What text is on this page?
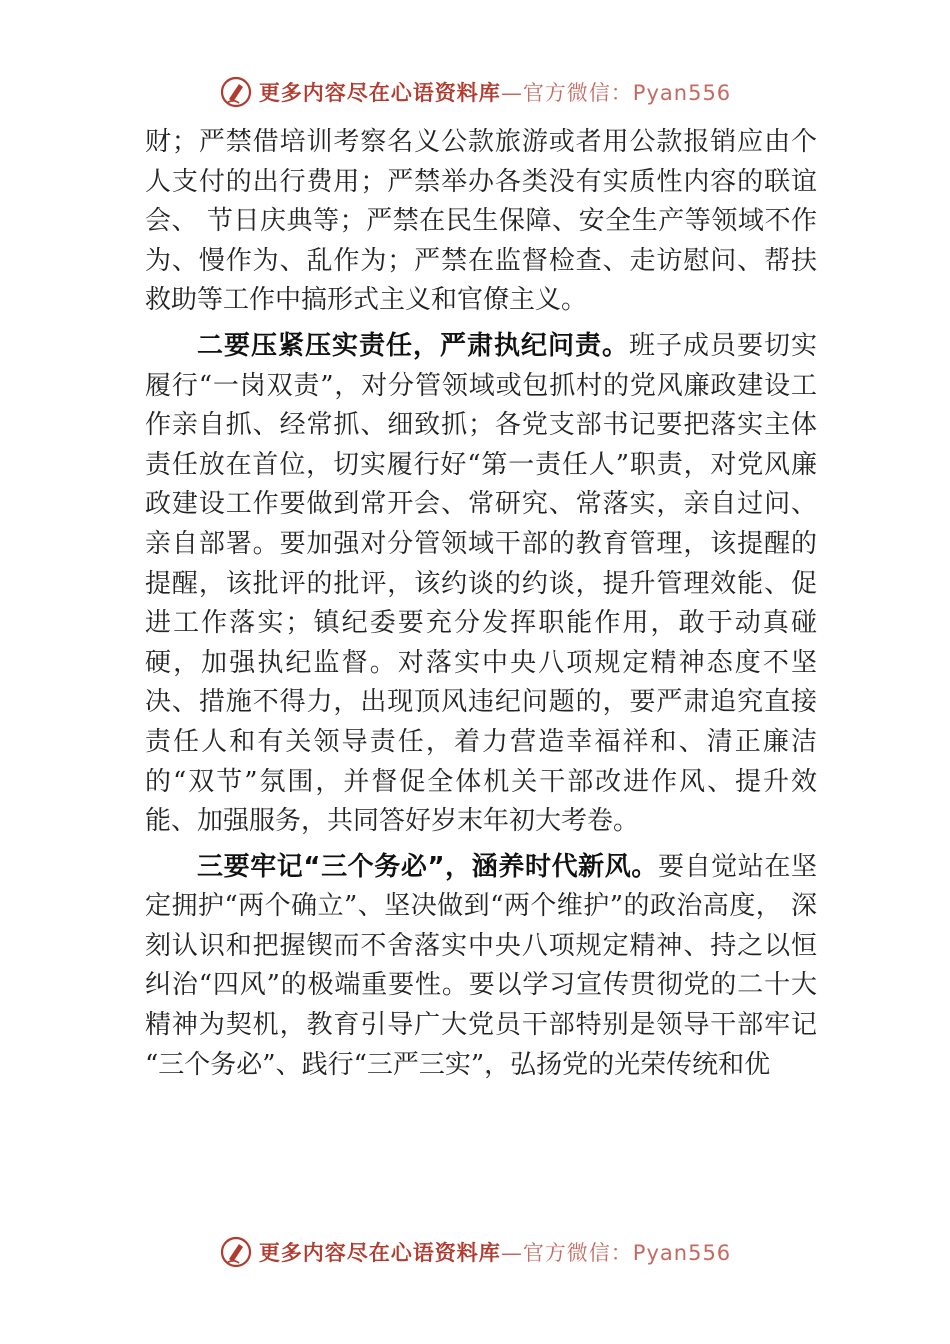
更多内容尽在心语资料库 —官方微信：Pyan556

财；严禁借培训考察名义公款旅游或者用公款报销应由个人支付的出行费用；严禁举办各类没有实质性内容的联谊会、 节日庆典等；严禁在民生保障、安全生产等领域不作为、慢作为、乱作为；严禁在监督检查、走访慰问、帮扶救助等工作中搞形式主义和官僚主义。

二要压紧压实责任，严肃执纪问责。班子成员要切实履行“一岗双责”，对分管领域或包抓村的党风廉政建设工作亲自抓、经常抓、细致抓；各党支部书记要把落实主体责任放在首位，切实履行好“第一责任人”职责，对党风廉政建设工作要做到常开会、常研究、常落实，亲自过问、亲自部署。要加强对分管领域干部的教育管理，该提醒的提醒，该批评的批评，该约谈的约谈，提升管理效能、促进工作落实；镇纪委要充分发挥职能作用，敢于动真碰硬，加强执纪监督。对落实中央八项规定精神态度不坚决、措施不得力，出现顶风违纪问题的，要严肃追究直接责任人和有关领导责任，着力营造幸福祥和、清正廉洁的“双节”氛围，并督促全体机关干部改进作风、提升效能、加强服务，共同答好岁末年初大考卷。

三要牢记“三个务必”，涵养时代新风。要自觉站在坚定拥护“两个确立”、坚决做到“两个维护”的政治高度， 深刻认识和把握锲而不舍落实中央八项规定精神、持之以恒纠治“四风”的极端重要性。要以学习宣传贯彻党的二十大精神为契机，教育引导广大党员干部特别是领导干部牢记 “三个务必”、践行“三严三实”，弘扬党的光荣传统和优

更多内容尽在心语资料库 —官方微信：Pyan556
